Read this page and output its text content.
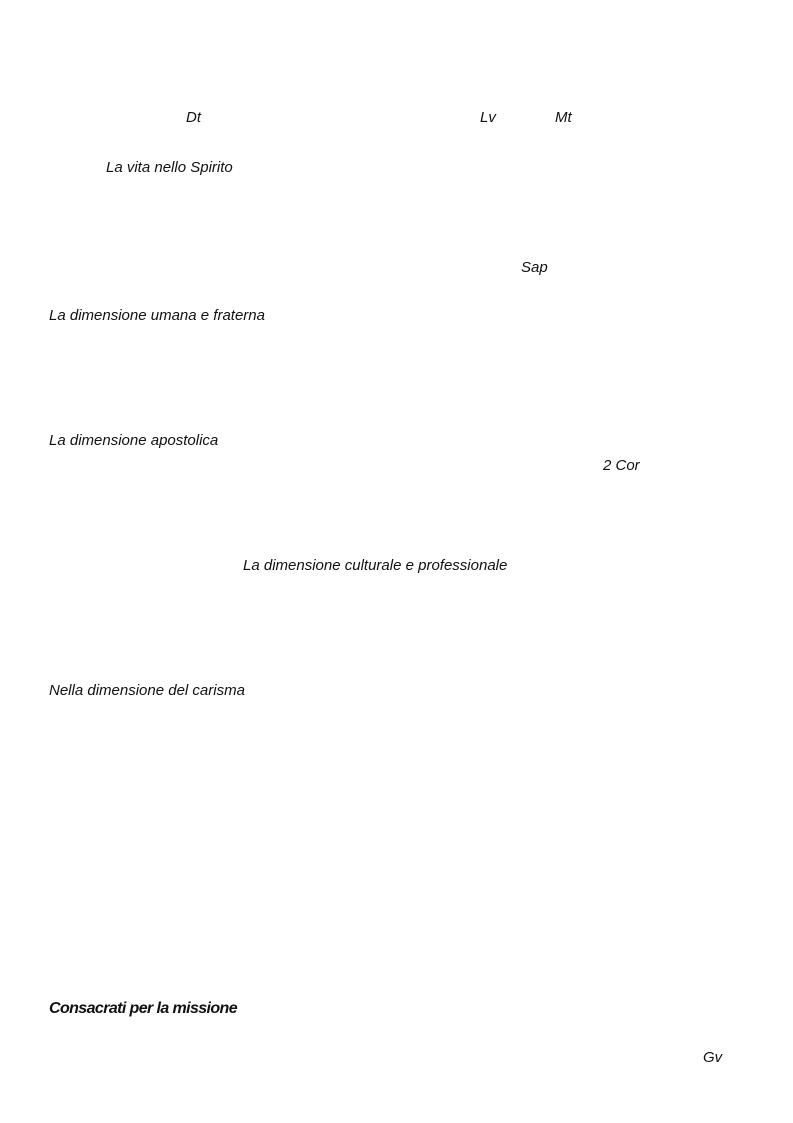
Dt	Lv	Mt
La vita nello Spirito
Sap
La dimensione umana e fraterna
La dimensione apostolica
2 Cor
La dimensione culturale e professionale
Nella dimensione del carisma
Consacrati per la missione
Gv
